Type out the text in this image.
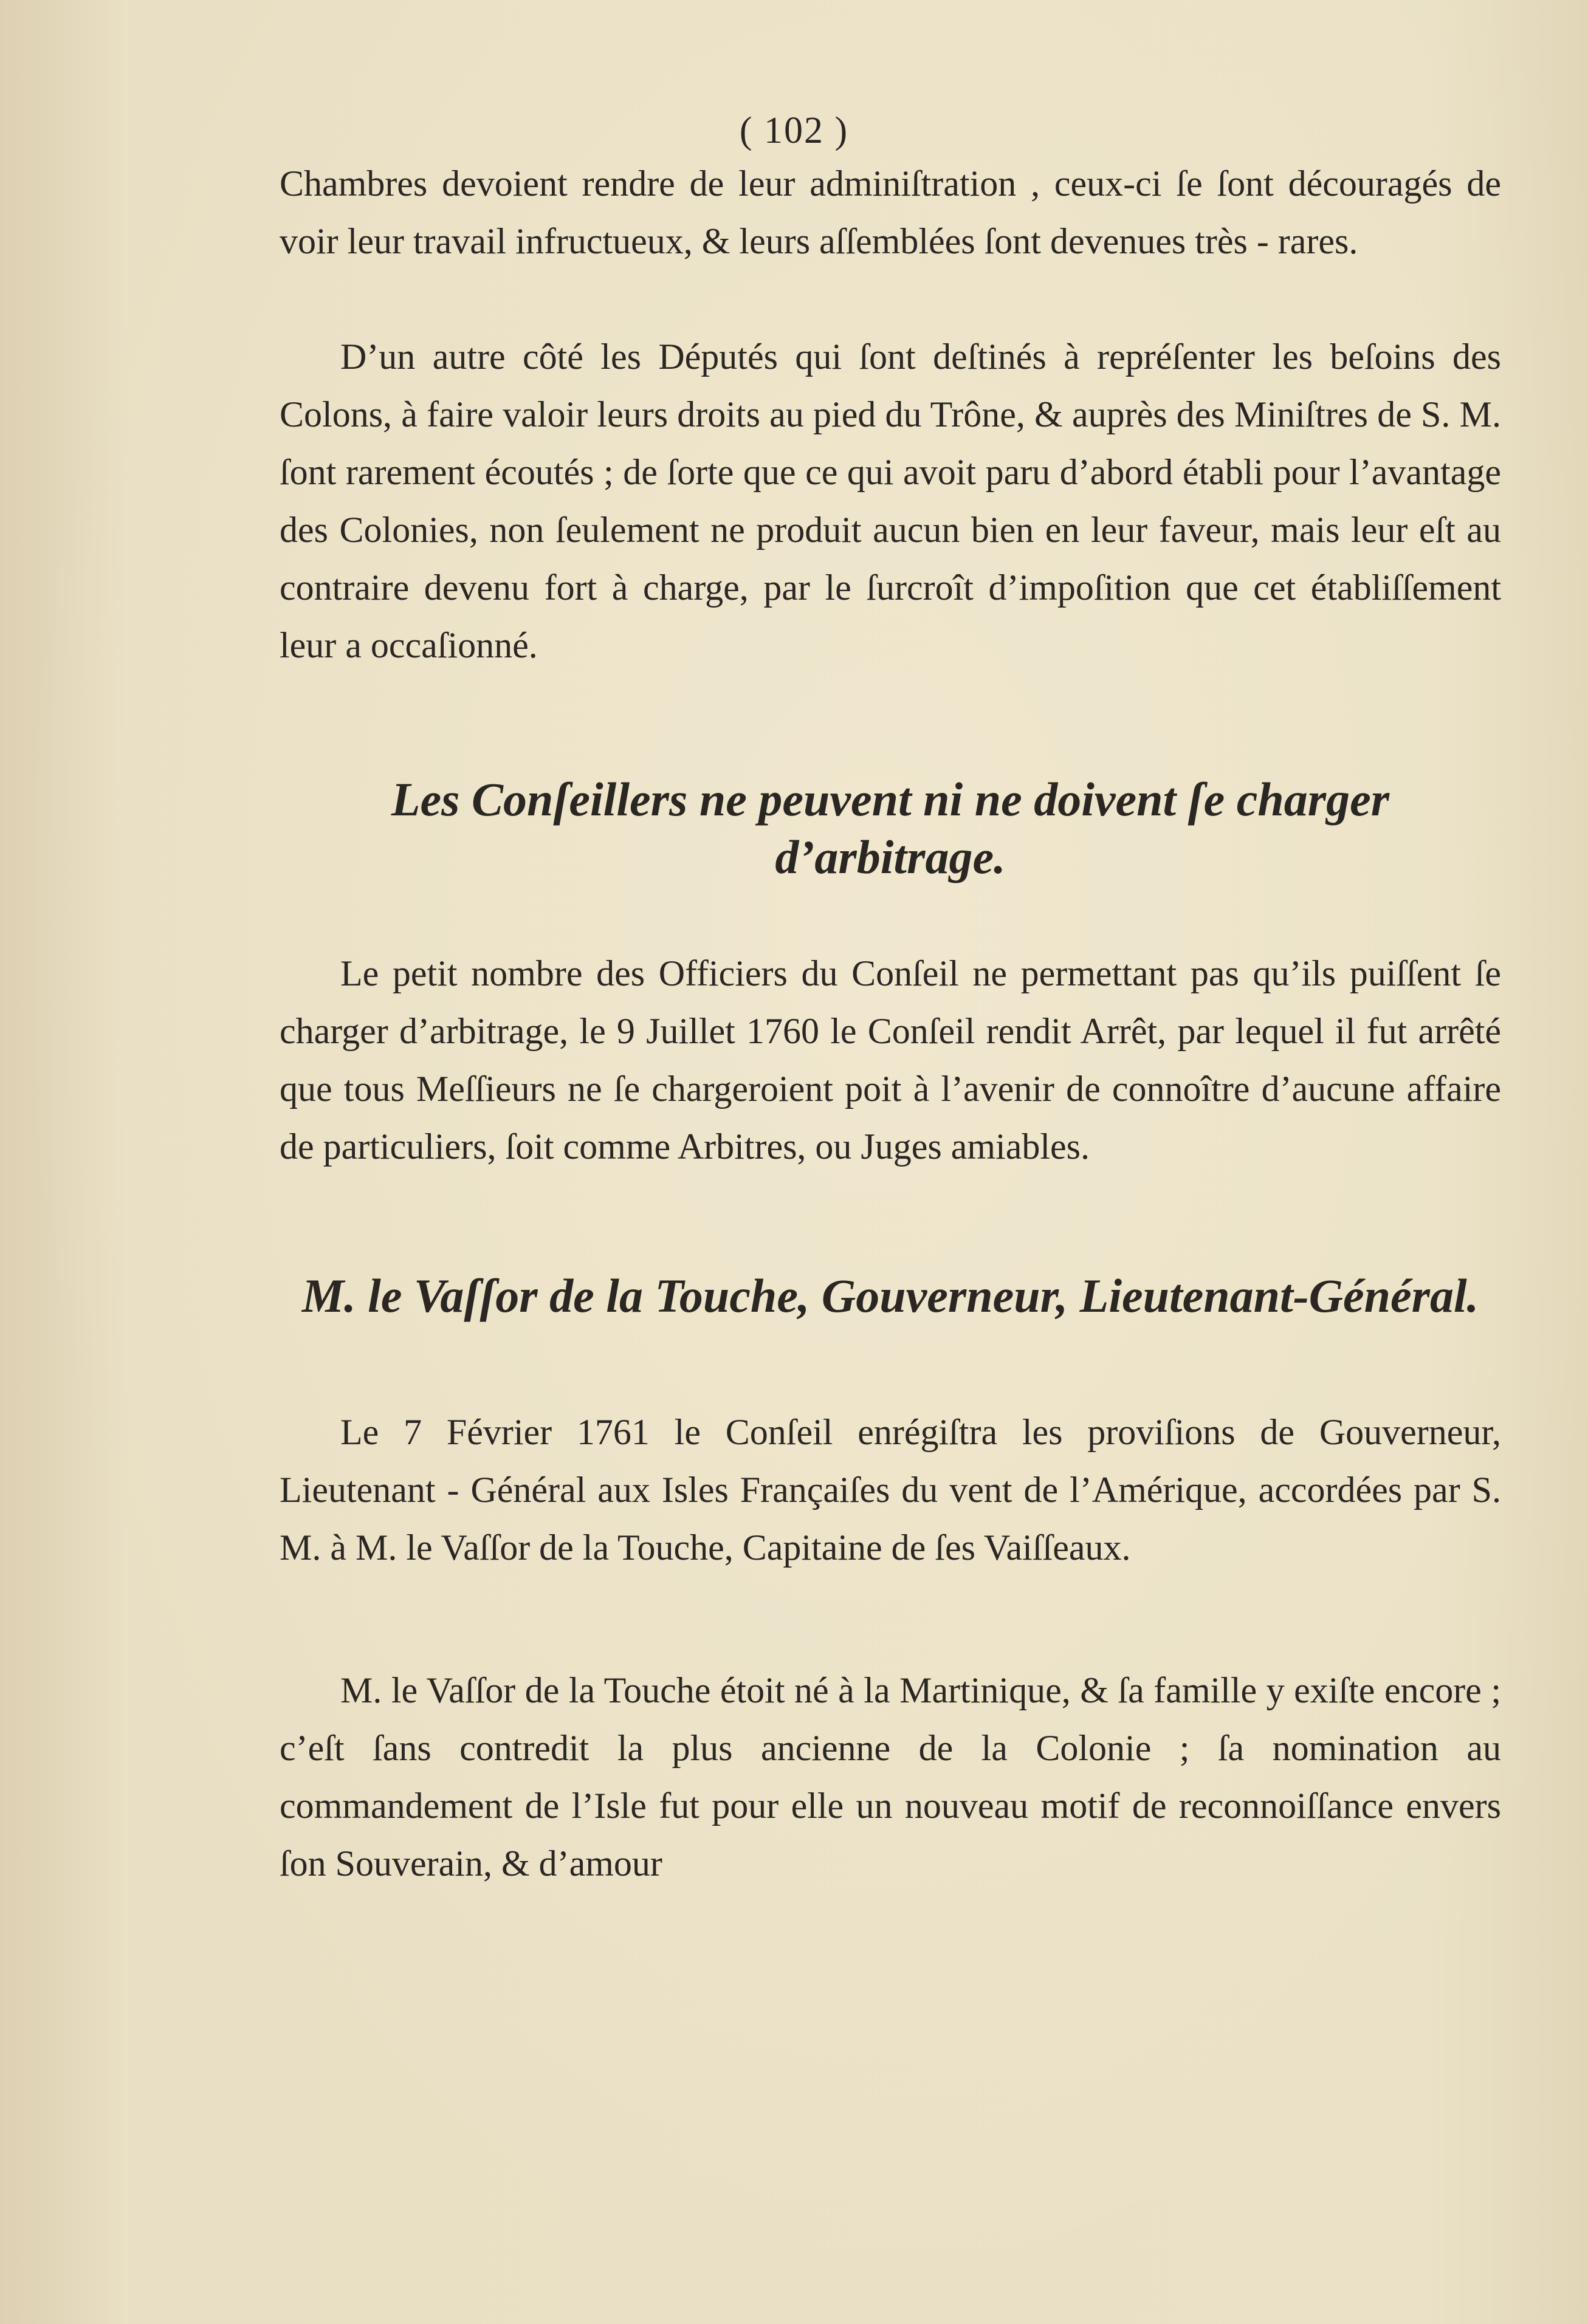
( 102 )

Chambres devoient rendre de leur adminiſtration , ceux-ci ſe ſont découragés de voir leur travail infructueux, & leurs aſſemblées ſont devenues très - rares.

D’un autre côté les Députés qui ſont deſtinés à repréſenter les beſoins des Colons, à faire valoir leurs droits au pied du Trône, & auprès des Miniſtres de S. M. ſont rarement écoutés ; de ſorte que ce qui avoit paru d’abord établi pour l’avantage des Colonies, non ſeulement ne produit aucun bien en leur faveur, mais leur eſt au contraire devenu fort à charge, par le ſurcroît d’impoſition que cet établiſſement leur a occaſionné.

Les Conſeillers ne peuvent ni ne doivent ſe charger d’arbitrage.

Le petit nombre des Officiers du Conſeil ne permettant pas qu’ils puiſſent ſe charger d’arbitrage, le 9 Juillet 1760 le Conſeil rendit Arrêt, par lequel il fut arrêté que tous Meſſieurs ne ſe chargeroient poit à l’avenir de connoître d’aucune affaire de particuliers, ſoit comme Arbitres, ou Juges amiables.

M. le Vaſſor de la Touche, Gouverneur, Lieutenant-Général.

Le 7 Février 1761 le Conſeil enrégiſtra les proviſions de Gouverneur, Lieutenant - Général aux Isles Françaiſes du vent de l’Amérique, accordées par S. M. à M. le Vaſſor de la Touche, Capitaine de ſes Vaiſſeaux.

M. le Vaſſor de la Touche étoit né à la Martinique, & ſa famille y exiſte encore ; c’eſt ſans contredit la plus ancienne de la Colonie ; ſa nomination au commandement de l’Isle fut pour elle un nouveau motif de reconnoiſſance envers ſon Souverain, & d’amour
